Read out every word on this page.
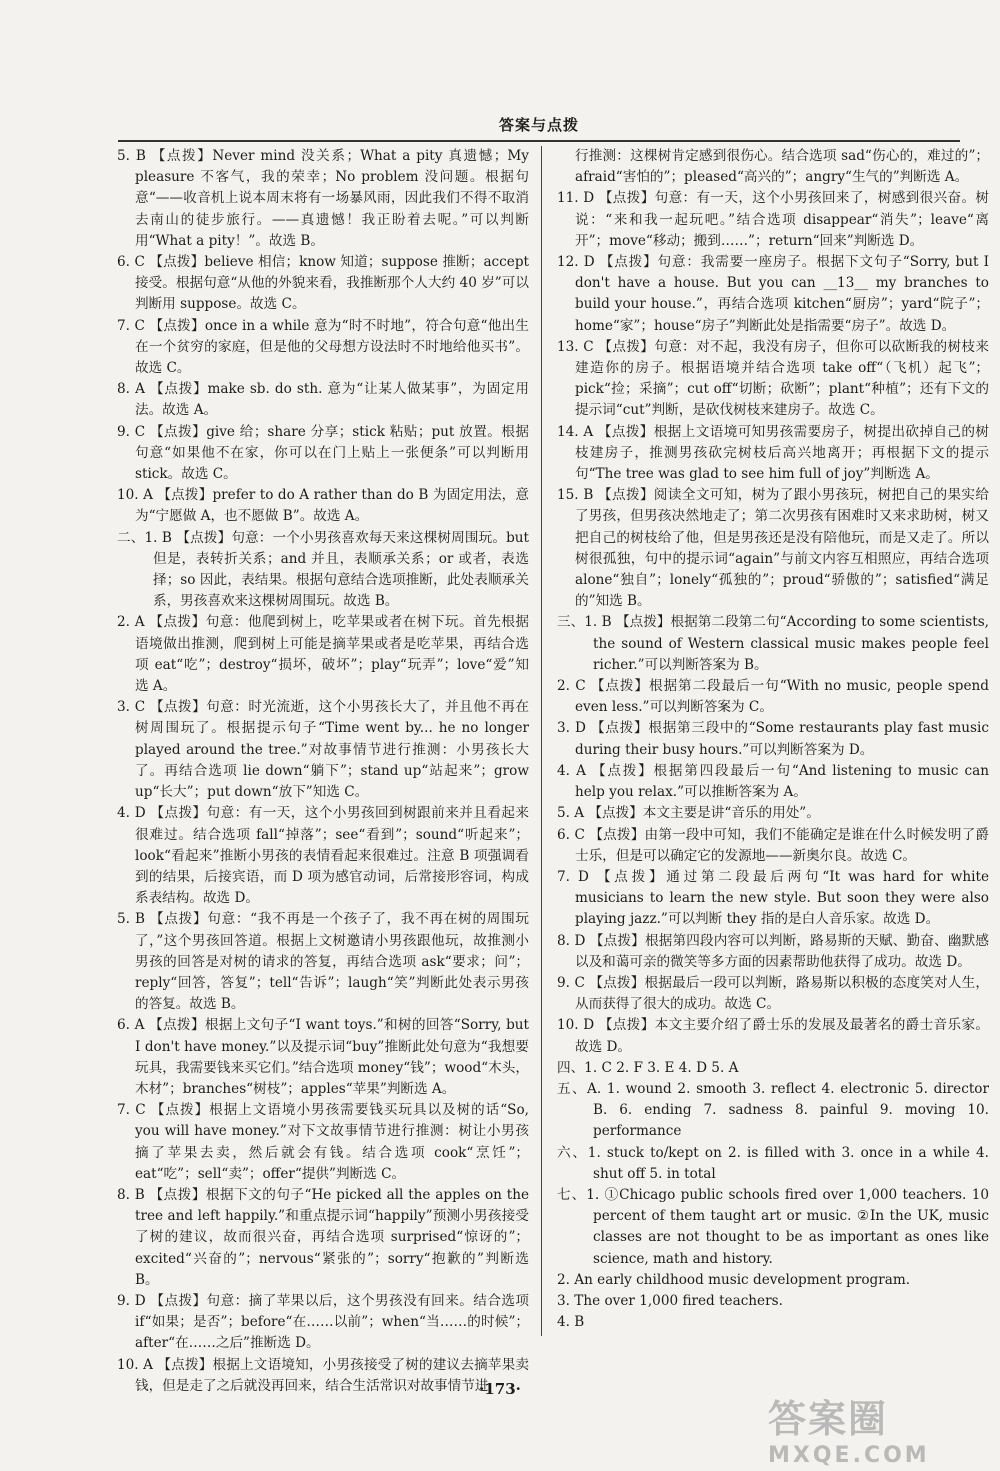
答案与点拨

5. B 【点拨】Never mind 没关系；What a pity 真遗憾；My pleasure 不客气，我的荣幸；No problem 没问题。根据句意“——收音机上说本周末将有一场暴风雨，因此我们不得不取消去南山的徒步旅行。——真遗憾！我正盼着去呢。”可以判断用“What a pity！”。故选 B。

6. C 【点拨】believe 相信；know 知道；suppose 推断；accept 接受。根据句意“从他的外貌来看，我推断那个人大约 40 岁”可以判断用 suppose。故选 C。

7. C 【点拨】once in a while 意为“时不时地”，符合句意“他出生在一个贫穷的家庭，但是他的父母想方设法时不时地给他买书”。故选 C。

8. A 【点拨】make sb. do sth. 意为“让某人做某事”，为固定用法。故选 A。

9. C 【点拨】give 给；share 分享；stick 粘贴；put 放置。根据句意“如果他不在家，你可以在门上贴上一张便条”可以判断用 stick。故选 C。

10. A 【点拨】prefer to do A rather than do B 为固定用法，意为“宁愿做 A，也不愿做 B”。故选 A。

二、1. B 【点拨】句意：一个小男孩喜欢每天来这棵树周围玩。but 但是，表转折关系；and 并且，表顺承关系；or 或者，表选择；so 因此，表结果。根据句意结合选项推断，此处表顺承关系，男孩喜欢来这棵树周围玩。故选 B。

2. A 【点拨】句意：他爬到树上，吃苹果或者在树下玩。首先根据语境做出推测，爬到树上可能是摘苹果或者是吃苹果，再结合选项 eat“吃”；destroy“损坏，破坏”；play“玩弄”；love“爱”知选 A。

3. C 【点拨】句意：时光流逝，这个小男孩长大了，并且他不再在树周围玩了。根据提示句子“Time went by... he no longer played around the tree.”对故事情节进行推测：小男孩长大了。再结合选项 lie down“躺下”；stand up“站起来”；grow up“长大”；put down“放下”知选 C。

4. D 【点拨】句意：有一天，这个小男孩回到树跟前来并且看起来很难过。结合选项 fall“掉落”；see“看到”；sound“听起来”；look“看起来”推断小男孩的表情看起来很难过。注意 B 项强调看到的结果，后接宾语，而 D 项为感官动词，后常接形容词，构成系表结构。故选 D。

5. B 【点拨】句意：“我不再是一个孩子了，我不再在树的周围玩了，”这个男孩回答道。根据上文树邀请小男孩跟他玩，故推测小男孩的回答是对树的请求的答复，再结合选项 ask“要求；问”；reply“回答，答复”；tell“告诉”；laugh“笑”判断此处表示男孩的答复。故选 B。

6. A 【点拨】根据上文句子“I want toys.”和树的回答“Sorry, but I don't have money.”以及提示词“buy”推断此处句意为“我想要玩具，我需要钱来买它们。”结合选项 money“钱”；wood“木头，木材”；branches“树枝”；apples“苹果”判断选 A。

7. C 【点拨】根据上文语境小男孩需要钱买玩具以及树的话“So, you will have money.”对下文故事情节进行推测：树让小男孩摘了苹果去卖，然后就会有钱。结合选项 cook“烹饪”；eat“吃”；sell“卖”；offer“提供”判断选 C。

8. B 【点拨】根据下文的句子“He picked all the apples on the tree and left happily.”和重点提示词“happily”预测小男孩接受了树的建议，故而很兴奋，再结合选项 surprised“惊讶的”；excited“兴奋的”；nervous“紧张的”；sorry“抱歉的”判断选 B。

9. D 【点拨】句意：摘了苹果以后，这个男孩没有回来。结合选项 if“如果；是否”；before“在……以前”；when“当……的时候”；after“在……之后”推断选 D。

10. A 【点拨】根据上文语境知，小男孩接受了树的建议去摘苹果卖钱，但是走了之后就没再回来，结合生活常识对故事情节进

行推测：这棵树肯定感到很伤心。结合选项 sad“伤心的，难过的”；afraid“害怕的”；pleased“高兴的”；angry“生气的”判断选 A。

11. D 【点拨】句意：有一天，这个小男孩回来了，树感到很兴奋。树说：“来和我一起玩吧。”结合选项 disappear“消失”；leave“离开”；move“移动；搬到……”；return“回来”判断选 D。

12. D 【点拨】句意：我需要一座房子。根据下文句子“Sorry, but I don't have a house. But you can __13__ my branches to build your house.”，再结合选项 kitchen“厨房”；yard“院子”；home“家”；house“房子”判断此处是指需要“房子”。故选 D。

13. C 【点拨】句意：对不起，我没有房子，但你可以砍断我的树枝来建造你的房子。根据语境并结合选项 take off“（飞机）起飞”；pick“捡；采摘”；cut off“切断；砍断”；plant“种植”；还有下文的提示词“cut”判断，是砍伐树枝来建房子。故选 C。

14. A 【点拨】根据上文语境可知男孩需要房子，树提出砍掉自己的树枝建房子，推测男孩砍完树枝后高兴地离开；再根据下文的提示句“The tree was glad to see him full of joy”判断选 A。

15. B 【点拨】阅读全文可知，树为了跟小男孩玩，树把自己的果实给了男孩，但男孩决然地走了；第二次男孩有困难时又来求助树，树又把自己的树枝给了他，但是男孩还是没有陪他玩，而是又走了。所以树很孤独，句中的提示词“again”与前文内容互相照应，再结合选项 alone“独自”；lonely“孤独的”；proud“骄傲的”；satisfied“满足的”知选 B。

三、1. B 【点拨】根据第二段第二句“According to some scientists, the sound of Western classical music makes people feel richer.”可以判断答案为 B。

2. C 【点拨】根据第二段最后一句“With no music, people spend even less.”可以判断答案为 C。

3. D 【点拨】根据第三段中的“Some restaurants play fast music during their busy hours.”可以判断答案为 D。

4. A 【点拨】根据第四段最后一句“And listening to music can help you relax.”可以推断答案为 A。

5. A 【点拨】本文主要是讲“音乐的用处”。

6. C 【点拨】由第一段中可知，我们不能确定是谁在什么时候发明了爵士乐，但是可以确定它的发源地——新奥尔良。故选 C。

7. D 【点拨】通过第二段最后两句“It was hard for white musicians to learn the new style. But soon they were also playing jazz.”可以判断 they 指的是白人音乐家。故选 D。

8. D 【点拨】根据第四段内容可以判断，路易斯的天赋、勤奋、幽默感以及和蔼可亲的微笑等多方面的因素帮助他获得了成功。故选 D。

9. C 【点拨】根据最后一段可以判断，路易斯以积极的态度笑对人生，从而获得了很大的成功。故选 C。

10. D 【点拨】本文主要介绍了爵士乐的发展及最著名的爵士音乐家。故选 D。

四、1. C 2. F 3. E 4. D 5. A

五、A. 1. wound 2. smooth 3. reflect 4. electronic 5. director B. 6. ending 7. sadness 8. painful 9. moving 10. performance

六、1. stuck to/kept on 2. is filled with 3. once in a while 4. shut off 5. in total

七、1. ①Chicago public schools fired over 1,000 teachers. 10 percent of them taught art or music. ②In the UK, music classes are not thought to be as important as ones like science, math and history.

2. An early childhood music development program.

3. The over 1,000 fired teachers.

4. B

·173·
答案圈
MXQE.COM
